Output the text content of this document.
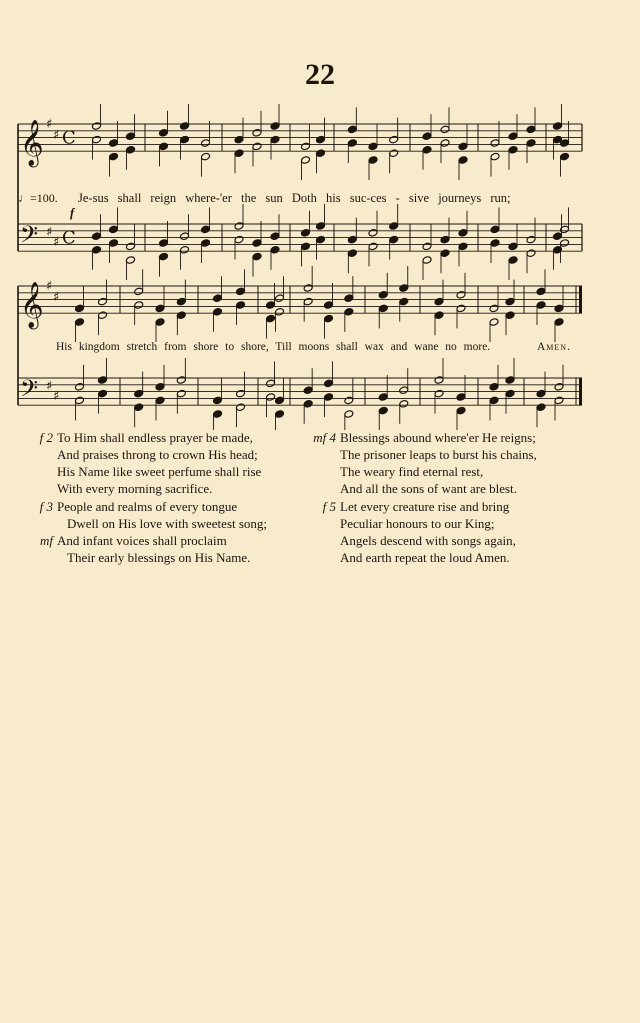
22
𝄞 ♯
♯ C
𝄢 ♯
♯ C
𝄞 ♯
♯
𝄢 ♯
♯
♩=100.
f
Je-sus shall reign where-'er the sun Doth his suc-ces - sive journeys run;
His kingdom stretch from shore to shore, Till moons shall wax and wane no more.	Amen.
f 2 To Him shall endless prayer be made,
And praises throng to crown His head;
His Name like sweet perfume shall rise
With every morning sacrifice.
f 3 People and realms of every tongue
Dwell on His love with sweetest song;
mf And infant voices shall proclaim
Their early blessings on His Name.
mf 4 Blessings abound where'er He reigns;
The prisoner leaps to burst his chains,
The weary find eternal rest,
And all the sons of want are blest.
f 5 Let every creature rise and bring
Peculiar honours to our King;
Angels descend with songs again,
And earth repeat the loud Amen.
